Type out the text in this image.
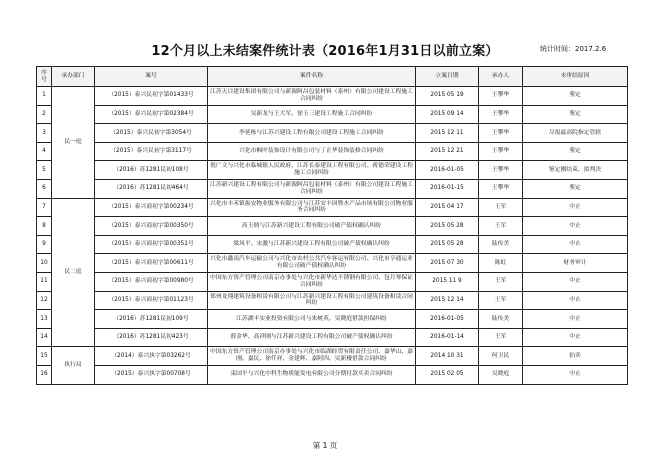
12个月以上未结案件统计表（2016年1月31日以前立案）	统计时间：2017.2.6
序号	承办部门	案号	案件名称	立案日期	承办人	未审结原因
1	民一庭	（2015）泰兴民初字第01433号	江苏天目建设集团有限公司与新源阿昌包装材料（泰州）有限公司建设工程施工合同纠纷	2015 05 19	王攀华	鉴定
2		（2015）泰兴民初字第02384号	吴新龙与王大军、徐玉三建设工程施工合同纠纷	2015 09 14	王攀华	鉴定
3		（2015）泰兴民初字第3054号	李延栋与江苏兴建设工程有限公司建设工程施工合同纠纷	2015 12 11	王攀华	尽报最高院指定管辖
4		（2015）泰兴民初字第3117号	兴化市枫叶装饰设计有限公司与丁正华装饰装修合同纠纷	2015 12 21	王攀华	鉴定
5		（2016）苏1281民初108号	倪广文与兴化市临城镇人民政府、江苏长泰建设工程有限公司、蒋德荣建设工程施工合同纠纷	2016-01-05	王攀华	鉴定刚结束，拟判决
6		（2016）苏1281民初464号	江苏新兴建设工程有限公司与新源阿昌包装材料（泰州）有限公司建设工程施工合同纠纷	2016-01-15	王攀华	鉴定
7	民二庭	（2015）泰兴商初字第00234号	兴化市丰禾镇振安物业服务有限公司与江苏安丰国暨水产品市场有限公司物业服务合同纠纷	2015 04 17	王军	中止
8		（2015）泰兴商初字第00350号	高玉炳与江苏新兴建设工程有限公司破产债权确认纠纷	2015 05 28	王军	中止
9		（2015）泰兴商初字第00351号	梁风平、宋激与江苏新兴建设工程有限公司破产债权确认纠纷	2015 05 28	陆传美	中止
10		（2015）泰兴商初字第00611号	兴化市鑫南汽车运输公司与兴化市农村公共汽车客运有限公司、兴化市亨通运业有限公司破产债权确认纠纷	2015 07 30	陈虹	财务审计
11		（2015）泰兴商初字第00980号	中国东方资产管理公司南京办事处与兴化市新华达不锈钢有限公司、包月琴保证合同纠纷	2015 11 9	王军	中止
12		（2015）泰兴商初字第01123号	郑州龙翔建筑设备租赁有限公司与江苏新兴建设工程有限公司建筑设备租赁合同纠纷	2015 12 14	王军	中止
13		（2016）苏1281民初109号	江苏湖丰实业投资有限公司与朱树英、吴晓庭借款担保纠纷	2016-01-05	陆传美	中止
14		（2016）苏1281民初423号	薛金华、高祥刚与江苏新兴建设工程有限公司破产债权确认纠纷	2016-01-14	王军	中止
15	执行局	（2014）泰兴执字第03262号	中国东方资产管理公司南京办事处与兴化市临湖经贸有限责任公司、嘉华山、嘉刚、嘉民、徐仟祥、金建辉、嘉阿四、吴新楼借款合同纠纷	2014 10 31	何卫民	拍卖
16		（2015）泰兴执字第00708号	束国平与兴化中科生物质能发电有限公司分期付款买卖合同纠纷	2015 02 05	吴晓庭	中止
第 1 页
